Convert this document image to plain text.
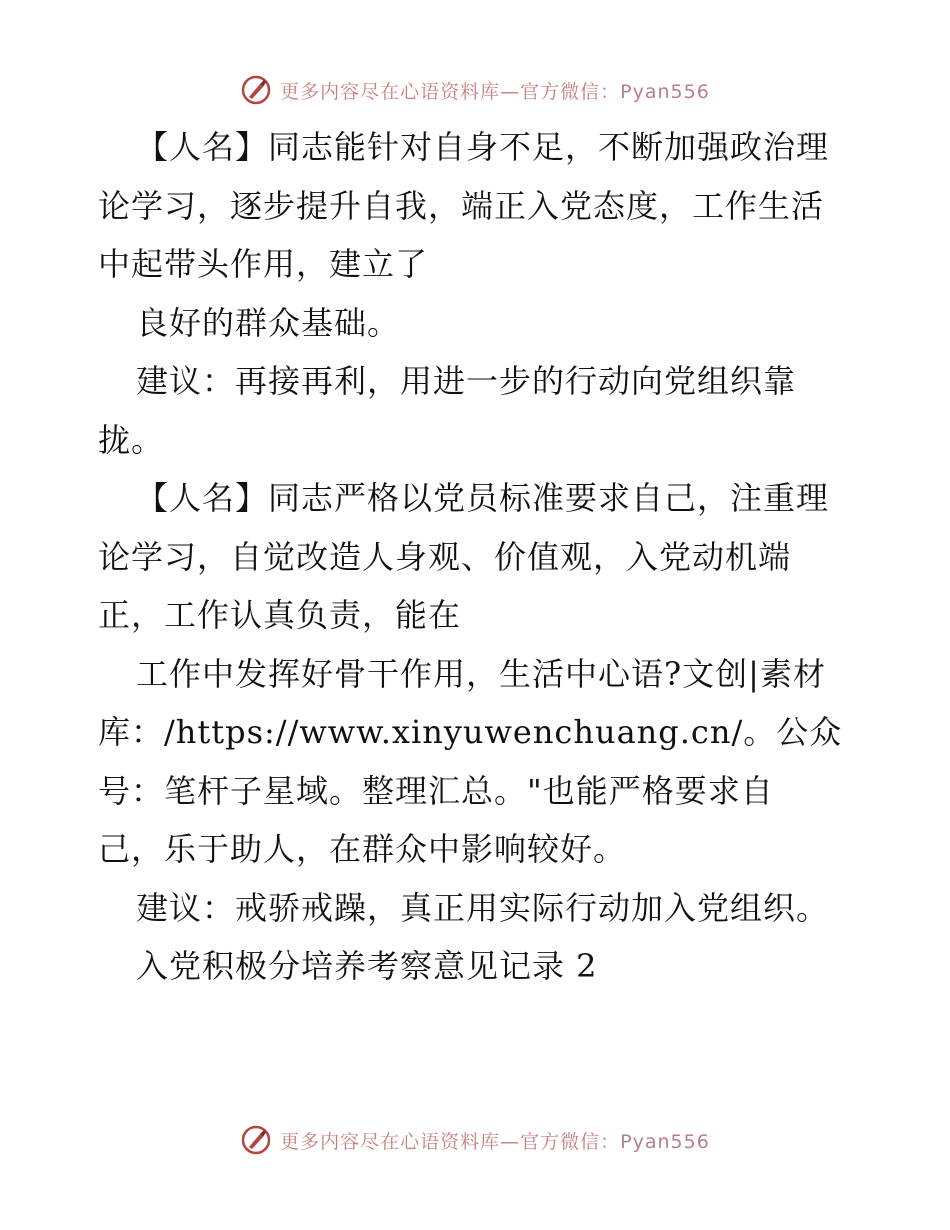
更多内容尽在心语资料库—官方微信：Pyan556
【人名】同志能针对自身不足，不断加强政治理
论学习，逐步提升自我，端正入党态度，工作生活
中起带头作用，建立了
良好的群众基础。
建议：再接再利，用进一步的行动向党组织靠
拢。
【人名】同志严格以党员标准要求自己，注重理
论学习，自觉改造人身观、价值观，入党动机端
正，工作认真负责，能在
工作中发挥好骨干作用，生活中心语?文创|素材
库：/https://www.xinyuwenchuang.cn/。公众
号：笔杆子星域。整理汇总。"也能严格要求自
己，乐于助人，在群众中影响较好。
建议：戒骄戒躁，真正用实际行动加入党组织。
入党积极分培养考察意见记录 2
更多内容尽在心语资料库—官方微信：Pyan556
